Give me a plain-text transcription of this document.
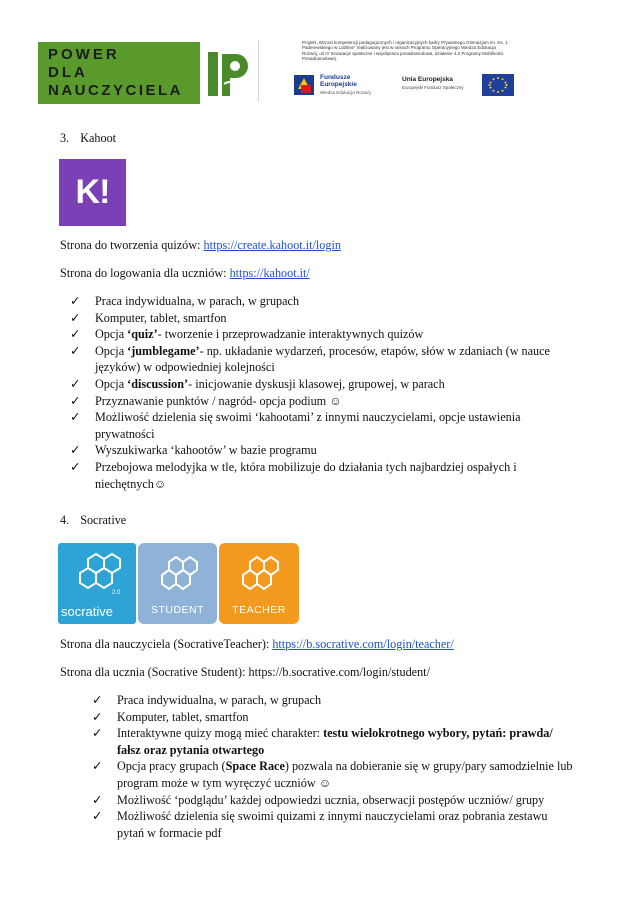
POWER
DLA
NAUCZYCIELA
Projekt „Wzrost kompetencji pedagogicznych i organizacyjnych kadry Prywatnego Gimnazjum im. Ks. J. Paderewskiego w Lublinie” realizowany jest w ramach Programu Operacyjnego Wiedza Edukacja Rozwój, oś IV Innowacje społeczne i współpraca ponadnarodowa, działanie 4.2 Programy Mobilności Ponadnarodowej.
Fundusze Europejskie
Wiedza Edukacja Rozwój
Unia Europejska
Europejski Fundusz Społeczny
3. Kahoot
K!
Strona do tworzenia quizów: https://create.kahoot.it/login
Strona do logowania dla uczniów: https://kahoot.it/
✓ Praca indywidualna, w parach, w grupach
✓ Komputer, tablet, smartfon
✓ Opcja ‘quiz’- tworzenie i przeprowadzanie interaktywnych quizów
✓ Opcja ‘jumblegame’- np. układanie wydarzeń, procesów, etapów, słów w zdaniach (w nauce
języków) w odpowiedniej kolejności
✓ Opcja ‘discussion’- inicjowanie dyskusji klasowej, grupowej, w parach
✓ Przyznawanie punktów / nagród- opcja podium ☺
✓ Możliwość dzielenia się swoimi ‘kahootami’ z innymi nauczycielami, opcje ustawienia
prywatności
✓ Wyszukiwarka ‘kahootów’ w bazie programu
✓ Przebojowa melodyjka w tle, która mobilizuje do działania tych najbardziej ospałych i
niechętnych☺
4. Socrative
2.0
socrative	STUDENT	TEACHER
Strona dla nauczyciela (SocrativeTeacher): https://b.socrative.com/login/teacher/
Strona dla ucznia (Socrative Student): https://b.socrative.com/login/student/
✓ Praca indywidualna, w parach, w grupach
✓ Komputer, tablet, smartfon
✓ Interaktywne quizy mogą mieć charakter: testu wielokrotnego wybory, pytań: prawda/
fałsz oraz pytania otwartego
✓ Opcja pracy grupach (Space Race) pozwala na dobieranie się w grupy/pary samodzielnie lub
program może w tym wyręczyć uczniów ☺
✓ Możliwość ‘podglądu’ każdej odpowiedzi ucznia, obserwacji postępów uczniów/ grupy
✓ Możliwość dzielenia się swoimi quizami z innymi nauczycielami oraz pobrania zestawu
pytań w formacie pdf
